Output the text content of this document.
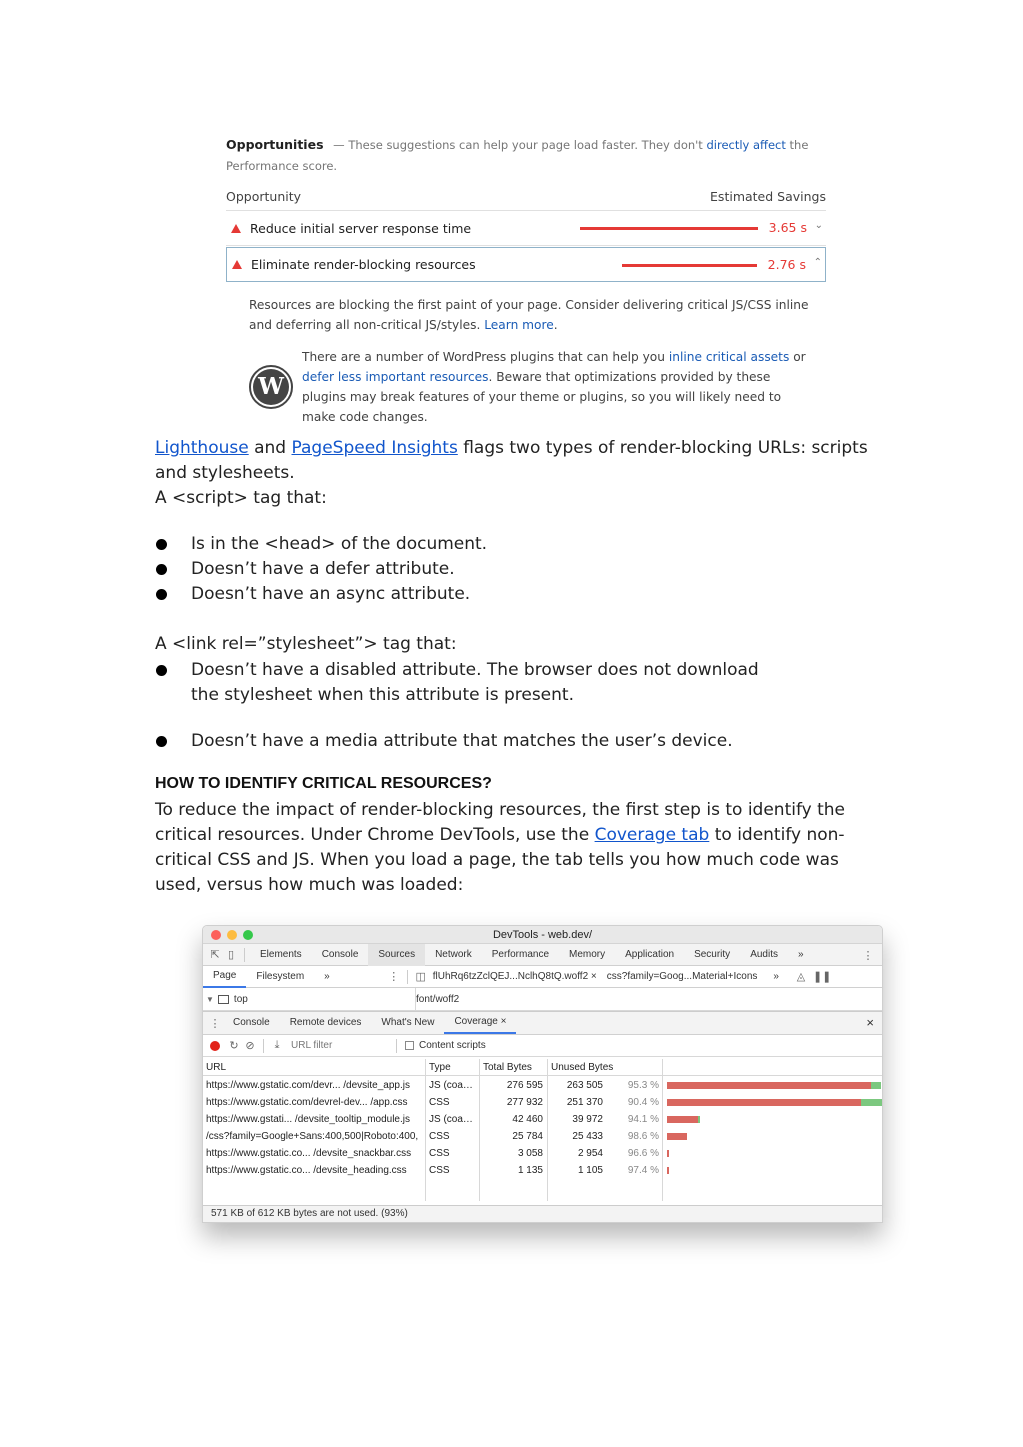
Opportunities — These suggestions can help your page load faster. They don't directly affect the
Performance score.
Opportunity	Estimated Savings
Reduce initial server response time	3.65 s ⌄
Eliminate render-blocking resources	2.76 s ⌃
Resources are blocking the first paint of your page. Consider delivering critical JS/CSS inline and deferring all non-critical JS/styles. Learn more.
W
There are a number of WordPress plugins that can help you inline critical assets or defer less important resources. Beware that optimizations provided by these plugins may break features of your theme or plugins, so you will likely need to make code changes.
Lighthouse and PageSpeed Insights flags two types of render-blocking URLs: scripts and stylesheets.
A <script> tag that:
Is in the <head> of the document.
Doesn’t have a defer attribute.
Doesn’t have an async attribute.
A <link rel=”stylesheet”> tag that:
Doesn’t have a disabled attribute. The browser does not download the stylesheet when this attribute is present.
Doesn’t have a media attribute that matches the user’s device.
HOW TO IDENTIFY CRITICAL RESOURCES?
To reduce the impact of render-blocking resources, the first step is to identify the critical resources. Under Chrome DevTools, use the Coverage tab to identify non-critical CSS and JS. When you load a page, the tab tells you how much code was used, versus how much was loaded:
DevTools - web.dev/
⇱ ▯	Elements	Console	Sources	Network	Performance	Memory	Application	Security	Audits	»	⋮
Page	Filesystem	»	⋮ ◫ flUhRq6tzZclQEJ...NclhQ8tQ.woff2 ×	css?family=Goog...Material+Icons	»	◬ ❚❚
▼ top	font/woff2
⋮	Console	Remote devices	What's New	Coverage ×	×
↻ ⊘	⤓	URL filter	Content scripts
URL	Type	Total Bytes Unused Bytes
https://www.gstatic.com/devr... /devsite_app.js	JS (coa…	276 595	263 505	95.3 %
https://www.gstatic.com/devrel-dev... /app.css	CSS	277 932	251 370	90.4 %
https://www.gstati... /devsite_tooltip_module.js	JS (coa…	42 460	39 972	94.1 %
/css?family=Google+Sans:400,500|Roboto:400,	CSS	25 784	25 433	98.6 %
https://www.gstatic.co... /devsite_snackbar.css	CSS	3 058	2 954	96.6 %
https://www.gstatic.co... /devsite_heading.css	CSS	1 135	1 105	97.4 %
571 KB of 612 KB bytes are not used. (93%)
